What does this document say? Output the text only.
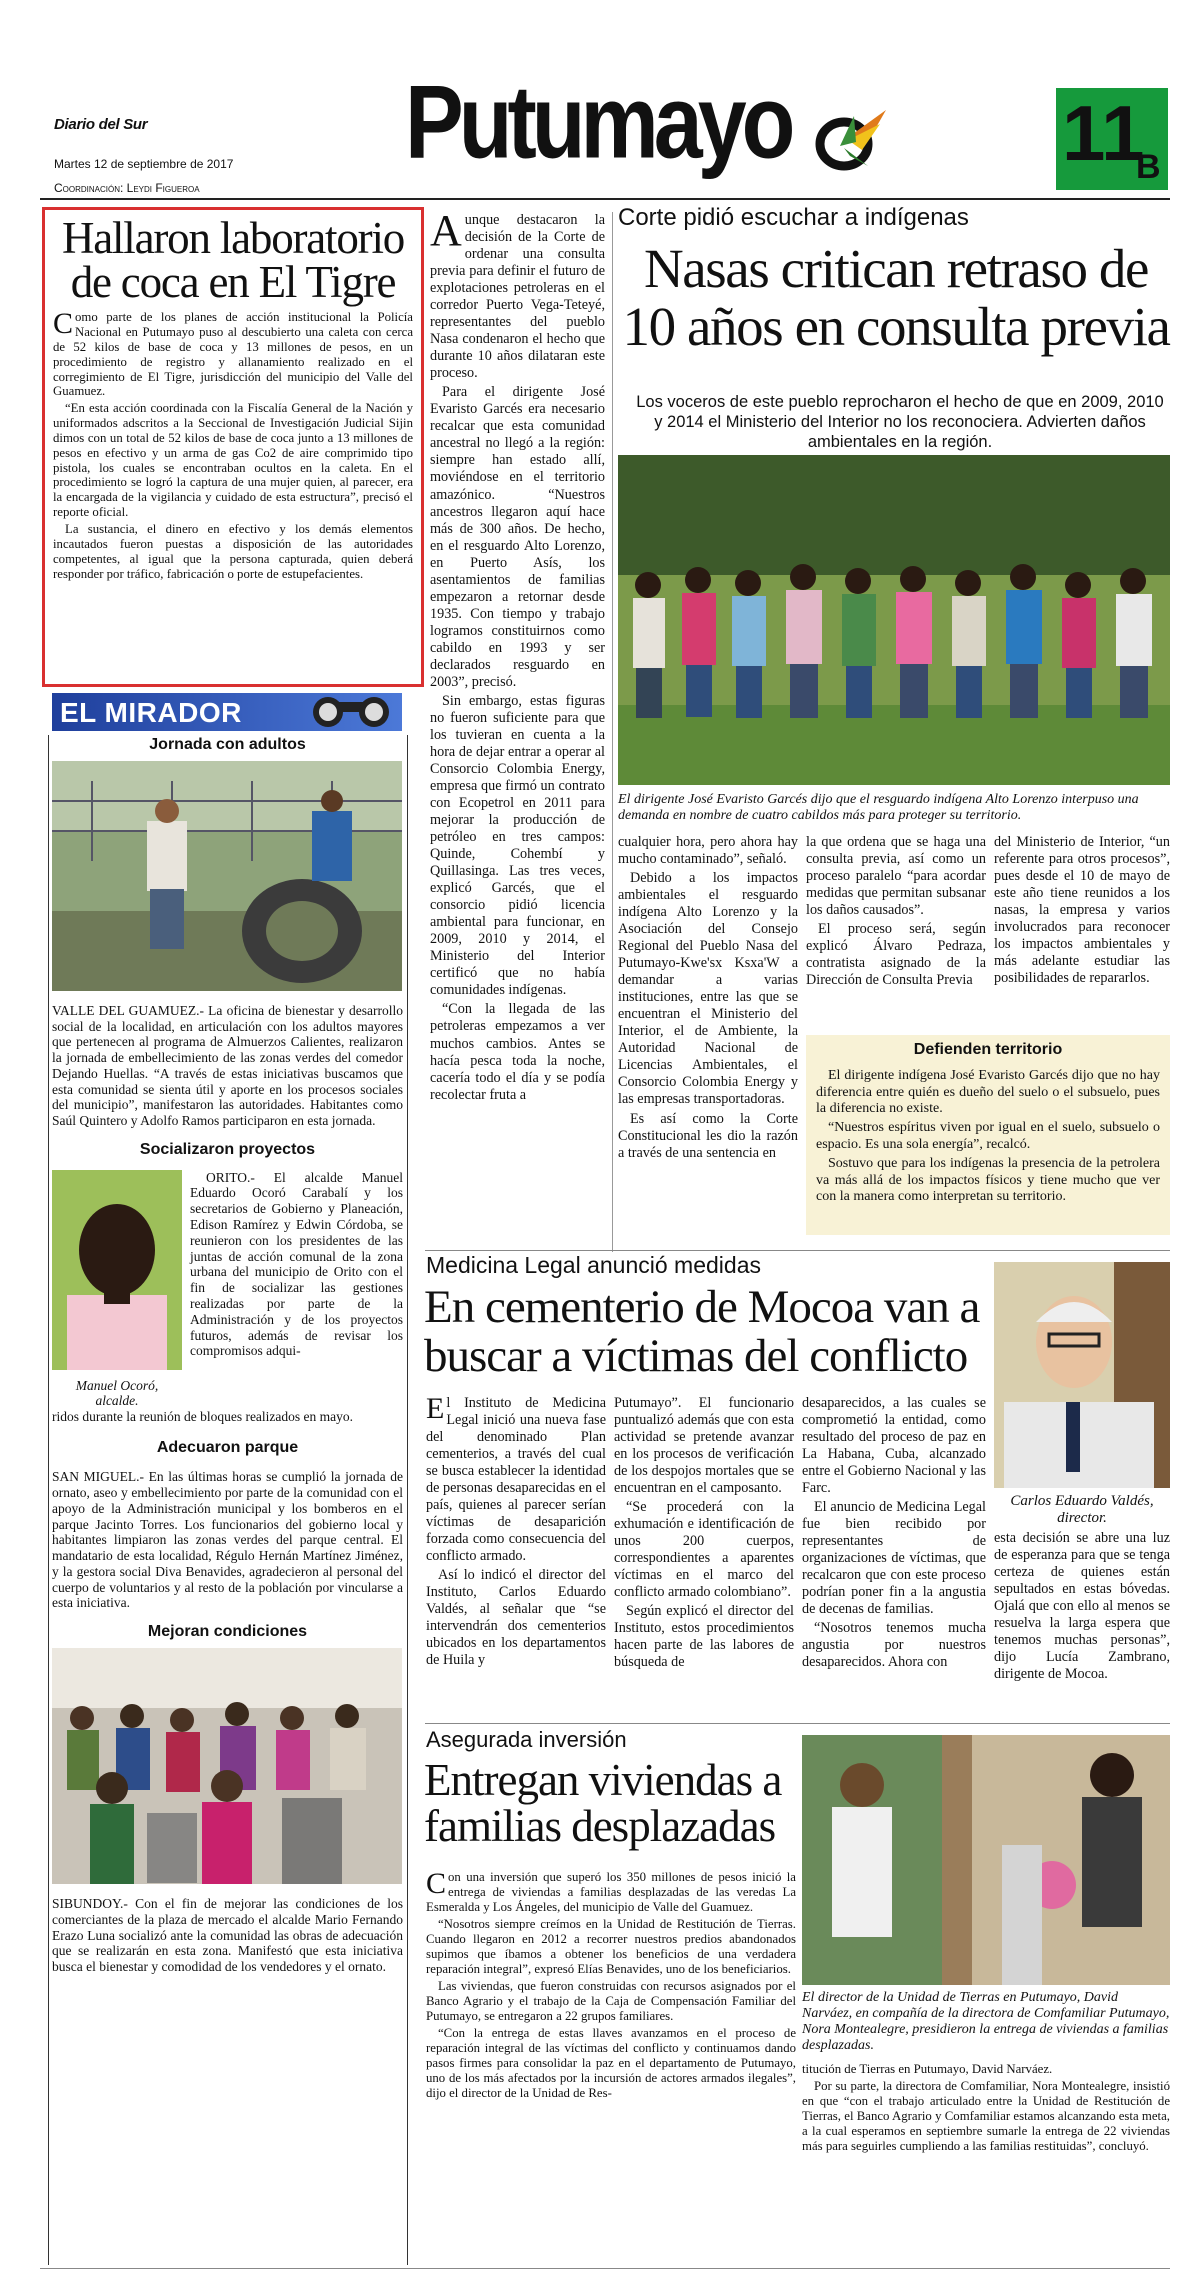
Diario del Sur
Martes 12 de septiembre de 2017
Coordinación: Leydi Figueroa
Putumayo	11
B
Hallaron laboratorio de coca en El Tigre

Como parte de los planes de acción institucional la Policía Nacional en Putumayo puso al descubierto una caleta con cerca de 52 kilos de base de coca y 13 millones de pesos, en un procedimiento de registro y allanamiento realizado en el corregimiento de El Tigre, jurisdicción del municipio del Valle del Guamuez.

“En esta acción coordinada con la Fiscalía General de la Nación y uniformados adscritos a la Seccional de Investigación Judicial Sijin dimos con un total de 52 kilos de base de coca junto a 13 millones de pesos en efectivo y un arma de gas Co2 de aire comprimido tipo pistola, los cuales se encontraban ocultos en la caleta. En el procedimiento se logró la captura de una mujer quien, al parecer, era la encargada de la vigilancia y cuidado de esta estructura”, precisó el reporte oficial.

La sustancia, el dinero en efectivo y los demás elementos incautados fueron puestas a disposición de las autoridades competentes, al igual que la persona capturada, quien deberá responder por tráfico, fabricación o porte de estupefacientes.

EL MIRADOR
Jornada con adultos

VALLE DEL GUAMUEZ.- La oficina de bienestar y desarrollo social de la localidad, en articulación con los adultos mayores que pertenecen al programa de Almuerzos Calientes, realizaron la jornada de embellecimiento de las zonas verdes del comedor Dejando Huellas. “A través de estas iniciativas buscamos que esta comunidad se sienta útil y aporte en los procesos sociales del municipio”, manifestaron las autoridades. Habitantes como Saúl Quintero y Adolfo Ramos participaron en esta jornada.

Socializaron proyectos
Manuel Ocoró, alcalde.

ORITO.- El alcalde Manuel Eduardo Ocoró Carabalí y los secretarios de Gobierno y Planeación, Edison Ramírez y Edwin Córdoba, se reunieron con los presidentes de las juntas de acción comunal de la zona urbana del municipio de Orito con el fin de socializar las gestiones realizadas por parte de la Administración y de los proyectos futuros, además de revisar los compromisos adqui-

ridos durante la reunión de bloques realizados en mayo.

Adecuaron parque

SAN MIGUEL.- En las últimas horas se cumplió la jornada de ornato, aseo y embellecimiento por parte de la comunidad con el apoyo de la Administración municipal y los bomberos en el parque Jacinto Torres. Los funcionarios del gobierno local y habitantes limpiaron las zonas verdes del parque central. El mandatario de esta localidad, Régulo Hernán Martínez Jiménez, y la gestora social Diva Benavides, agradecieron al personal del cuerpo de voluntarios y al resto de la población por vincularse a esta iniciativa.

Mejoran condiciones

SIBUNDOY.- Con el fin de mejorar las condiciones de los comerciantes de la plaza de mercado el alcalde Mario Fernando Erazo Luna socializó ante la comunidad las obras de adecuación que se realizarán en esta zona. Manifestó que esta iniciativa busca el bienestar y comodidad de los vendedores y el ornato.

Aunque destacaron la decisión de la Corte de ordenar una consulta previa para definir el futuro de explotaciones petroleras en el corredor Puerto Vega-Teteyé, representantes del pueblo Nasa condenaron el hecho que durante 10 años dilataran este proceso.

Para el dirigente José Evaristo Garcés era necesario recalcar que esta comunidad ancestral no llegó a la región: siempre han estado allí, moviéndose en el territorio amazónico. “Nuestros ancestros llegaron aquí hace más de 300 años. De hecho, en el resguardo Alto Lorenzo, en Puerto Asís, los asentamientos de familias empezaron a retornar desde 1935. Con tiempo y trabajo logramos constituirnos como cabildo en 1993 y ser declarados resguardo en 2003”, precisó.

Sin embargo, estas figuras no fueron suficiente para que los tuvieran en cuenta a la hora de dejar entrar a operar al Consorcio Colombia Energy, empresa que firmó un contrato con Ecopetrol en 2011 para mejorar la producción de petróleo en tres campos: Quinde, Cohembí y Quillasinga. Las tres veces, explicó Garcés, que el consorcio pidió licencia ambiental para funcionar, en 2009, 2010 y 2014, el Ministerio del Interior certificó que no había comunidades indígenas.

“Con la llegada de las petroleras empezamos a ver muchos cambios. Antes se hacía pesca toda la noche, cacería todo el día y se podía recolectar fruta a

Corte pidió escuchar a indígenas
Nasas critican retraso de 10 años en consulta previa
Los voceros de este pueblo reprocharon el hecho de que en 2009, 2010 y 2014 el Ministerio del Interior no los reconociera. Advierten daños ambientales en la región.
El dirigente José Evaristo Garcés dijo que el resguardo indígena Alto Lorenzo interpuso una demanda en nombre de cuatro cabildos más para proteger su territorio.

cualquier hora, pero ahora hay mucho contaminado”, señaló.

Debido a los impactos ambientales el resguardo indígena Alto Lorenzo y la Asociación del Consejo Regional del Pueblo Nasa del Putumayo-Kwe'sx Ksxa'W a demandar a varias instituciones, entre las que se encuentran el Ministerio del Interior, el de Ambiente, la Autoridad Nacional de Licencias Ambientales, el Consorcio Colombia Energy y las empresas transportadoras.

Es así como la Corte Constitucional les dio la razón a través de una sentencia en

la que ordena que se haga una consulta previa, así como un proceso paralelo “para acordar medidas que permitan subsanar los daños causados”.

El proceso será, según explicó Álvaro Pedraza, contratista asignado de la Dirección de Consulta Previa

del Ministerio de Interior, “un referente para otros procesos”, pues desde el 10 de mayo de este año tiene reunidos a los nasas, la empresa y varios involucrados para reconocer los impactos ambientales y más adelante estudiar las posibilidades de repararlos.

Defienden territorio

El dirigente indígena José Evaristo Garcés dijo que no hay diferencia entre quién es dueño del suelo o el subsuelo, pues la diferencia no existe.

“Nuestros espíritus viven por igual en el suelo, subsuelo o espacio. Es una sola energía”, recalcó.

Sostuvo que para los indígenas la presencia de la petrolera va más allá de los impactos físicos y tiene mucho que ver con la manera como interpretan su territorio.

Medicina Legal anunció medidas
En cementerio de Mocoa van a buscar a víctimas del conflicto
Carlos Eduardo Valdés, director.

El Instituto de Medicina Legal inició una nueva fase del denominado Plan cementerios, a través del cual se busca establecer la identidad de personas desaparecidas en el país, quienes al parecer serían víctimas de desaparición forzada como consecuencia del conflicto armado.

Así lo indicó el director del Instituto, Carlos Eduardo Valdés, al señalar que “se intervendrán dos cementerios ubicados en los departamentos de Huila y

Putumayo”. El funcionario puntualizó además que con esta actividad se pretende avanzar en los procesos de verificación de los despojos mortales que se encuentran en el camposanto.

“Se procederá con la exhumación e identificación de unos 200 cuerpos, correspondientes a aparentes víctimas en el marco del conflicto armado colombiano”.

Según explicó el director del Instituto, estos procedimientos hacen parte de las labores de búsqueda de

desaparecidos, a las cuales se comprometió la entidad, como resultado del proceso de paz en La Habana, Cuba, alcanzado entre el Gobierno Nacional y las Farc.

El anuncio de Medicina Legal fue bien recibido por representantes de organizaciones de víctimas, que recalcaron que con este proceso podrían poner fin a la angustia de decenas de familias.

“Nosotros tenemos mucha angustia por nuestros desaparecidos. Ahora con

esta decisión se abre una luz de esperanza para que se tenga certeza de quienes están sepultados en estas bóvedas. Ojalá que con ello al menos se resuelva la larga espera que tenemos muchas personas”, dijo Lucía Zambrano, dirigente de Mocoa.

Asegurada inversión
Entregan viviendas a familias desplazadas

Con una inversión que superó los 350 millones de pesos inició la entrega de viviendas a familias desplazadas de las veredas La Esmeralda y Los Ángeles, del municipio de Valle del Guamuez.

“Nosotros siempre creímos en la Unidad de Restitución de Tierras. Cuando llegaron en 2012 a recorrer nuestros predios abandonados supimos que íbamos a obtener los beneficios de una verdadera reparación integral”, expresó Elías Benavides, uno de los beneficiarios.

Las viviendas, que fueron construidas con recursos asignados por el Banco Agrario y el trabajo de la Caja de Compensación Familiar del Putumayo, se entregaron a 22 grupos familiares.

“Con la entrega de estas llaves avanzamos en el proceso de reparación integral de las víctimas del conflicto y continuamos dando pasos firmes para consolidar la paz en el departamento de Putumayo, uno de los más afectados por la incursión de actores armados ilegales”, dijo el director de la Unidad de Res-

El director de la Unidad de Tierras en Putumayo, David Narváez, en compañía de la directora de Comfamiliar Putumayo, Nora Montealegre, presidieron la entrega de viviendas a familias desplazadas.

titución de Tierras en Putumayo, David Narváez.

Por su parte, la directora de Comfamiliar, Nora Montealegre, insistió en que “con el trabajo articulado entre la Unidad de Restitución de Tierras, el Banco Agrario y Comfamiliar estamos alcanzando esta meta, a la cual esperamos en septiembre sumarle la entrega de 22 viviendas más para seguirles cumpliendo a las familias restituidas”, concluyó.
